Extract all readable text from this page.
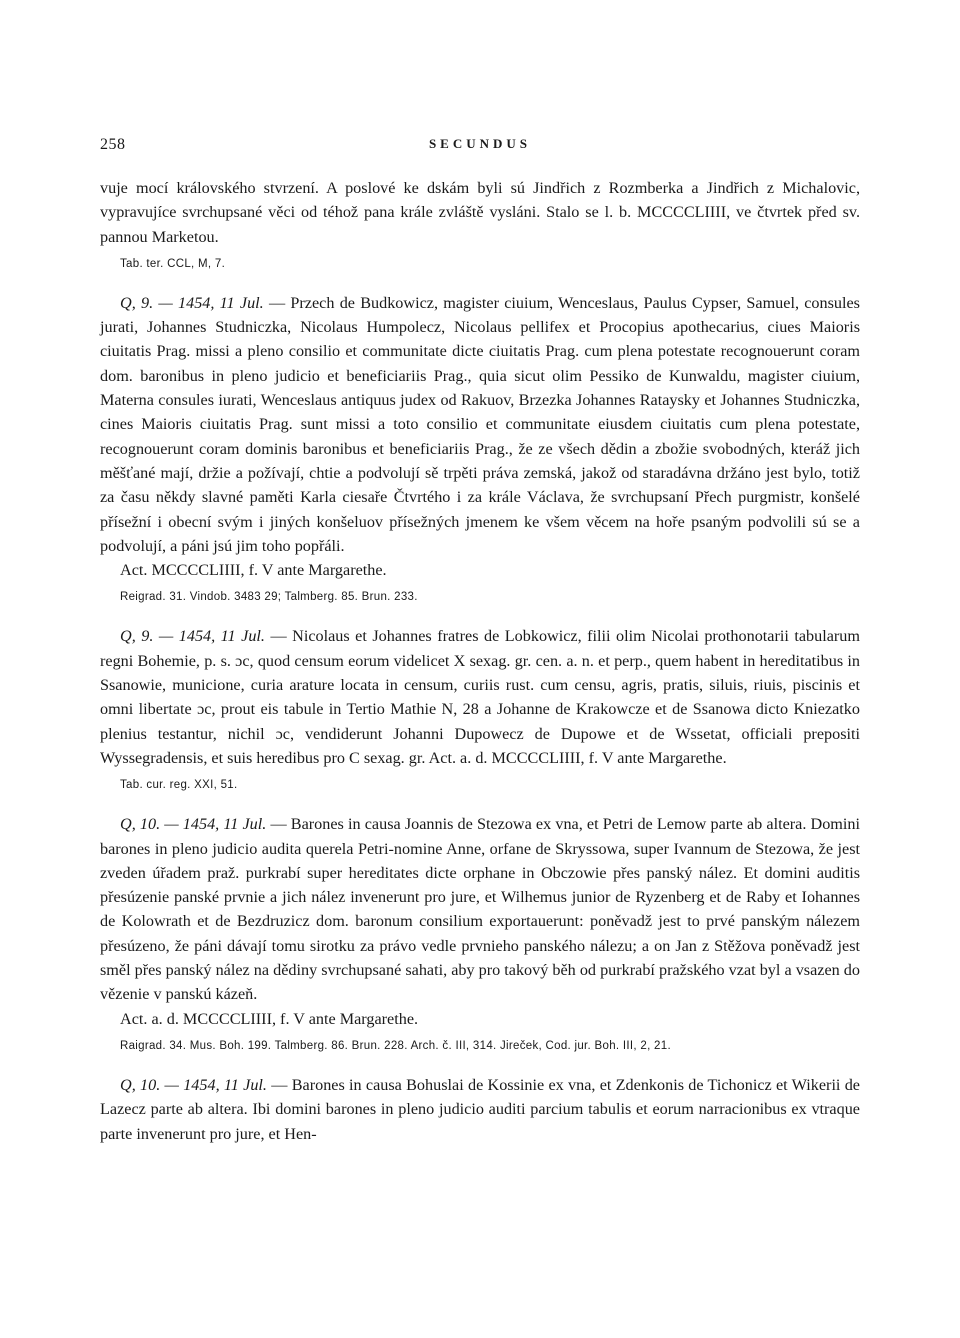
258	SECUNDUS

vuje mocí královského stvrzení. A poslové ke dskám byli sú Jindřich z Rozmberka a Jindřich z Michalovic, vypravujíce svrchupsané věci od téhož pana krále zvláště vysláni. Stalo se l. b. MCCCCLIIII, ve čtvrtek před sv. pannou Marketou.

Tab. ter. CCL, M, 7.

Q, 9. — 1454, 11 Jul. — Przech de Budkowicz, magister ciuium, Wenceslaus, Paulus Cypser, Samuel, consules jurati, Johannes Studniczka, Nicolaus Humpolecz, Nicolaus pellifex et Procopius apothecarius, ciues Maioris ciuitatis Prag. missi a pleno consilio et communitate dicte ciuitatis Prag. cum plena potestate recognouerunt coram dom. baronibus in pleno judicio et beneficiariis Prag., quia sicut olim Pessiko de Kunwaldu, magister ciuium, Materna consules iurati, Wenceslaus antiquus judex od Rakuov, Brzezka Johannes Rataysky et Johannes Studniczka, cines Maioris ciuitatis Prag. sunt missi a toto consilio et communitate eiusdem ciuitatis cum plena potestate, recognouerunt coram dominis baronibus et beneficiariis Prag., že ze všech dědin a zbožie svobodných, kteráž jich měšťané mají, držie a požívají, chtie a podvolují sě trpěti práva zemská, jakož od staradávna držáno jest bylo, totiž za času někdy slavné paměti Karla ciesaře Čtvrtého i za krále Václava, že svrchupsaní Přech purgmistr, konšelé přísežní i obecní svým i jiných konšeluov přísežných jmenem ke všem věcem na hoře psaným podvolili sú se a podvolují, a páni jsú jim toho popřáli.

Act. MCCCCLIIII, f. V ante Margarethe.

Reigrad. 31. Vindob. 3483 29; Talmberg. 85. Brun. 233.

Q, 9. — 1454, 11 Jul. — Nicolaus et Johannes fratres de Lobkowicz, filii olim Nicolai prothonotarii tabularum regni Bohemie, p. s. ɔc, quod censum eorum videlicet X sexag. gr. cen. a. n. et perp., quem habent in hereditatibus in Ssanowie, municione, curia arature locata in censum, curiis rust. cum censu, agris, pratis, siluis, riuis, piscinis et omni libertate ɔc, prout eis tabule in Tertio Mathie N, 28 a Johanne de Krakowcze et de Ssanowa dicto Kniezatko plenius testantur, nichil ɔc, vendiderunt Johanni Dupowecz de Dupowe et de Wssetat, officiali prepositi Wyssegradensis, et suis heredibus pro C sexag. gr. Act. a. d. MCCCCLIIII, f. V ante Margarethe.

Tab. cur. reg. XXI, 51.

Q, 10. — 1454, 11 Jul. — Barones in causa Joannis de Stezowa ex vna, et Petri de Lemow parte ab altera. Domini barones in pleno judicio audita querela Petri-nomine Anne, orfane de Skryssowa, super Ivannum de Stezowa, že jest zveden úřadem praž. purkrabí super hereditates dicte orphane in Obczowie přes panský nález. Et domini auditis přesúzenie panské prvnie a jich nález invenerunt pro jure, et Wilhemus junior de Ryzenberg et de Raby et Iohannes de Kolowrath et de Bezdruzicz dom. baronum consilium exportauerunt: poněvadž jest to prvé panským nálezem přesúzeno, že páni dávají tomu sirotku za právo vedle prvnieho panského nálezu; a on Jan z Stěžova poněvadž jest směl přes panský nález na dědiny svrchupsané sahati, aby pro takový běh od purkrabí pražského vzat byl a vsazen do vězenie v panskú kázeň.

Act. a. d. MCCCCLIIII, f. V ante Margarethe.

Raigrad. 34. Mus. Boh. 199. Talmberg. 86. Brun. 228. Arch. č. III, 314. Jireček, Cod. jur. Boh. III, 2, 21.

Q, 10. — 1454, 11 Jul. — Barones in causa Bohuslai de Kossinie ex vna, et Zdenkonis de Tichonicz et Wikerii de Lazecz parte ab altera. Ibi domini barones in pleno judicio auditi parcium tabulis et eorum narracionibus ex vtraque parte invenerunt pro jure, et Hen-
